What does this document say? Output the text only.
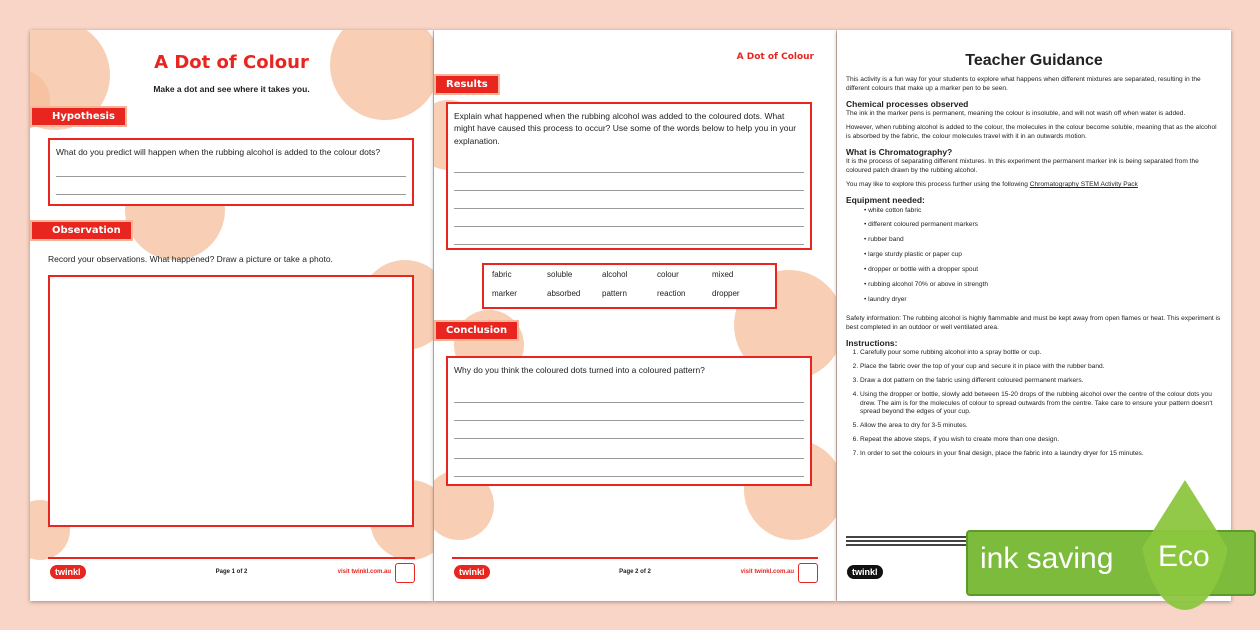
A Dot of Colour
Make a dot and see where it takes you.
Hypothesis

What do you predict will happen when the rubbing alcohol is added to the colour dots?

Observation
Record your observations. What happened? Draw a picture or take a photo.
twinkl	Page 1 of 2	visit twinkl.com.au
A Dot of Colour
Results

Explain what happened when the rubbing alcohol was added to the coloured dots. What might have caused this process to occur? Use some of the words below to help you in your explanation.

fabric	soluble	alcohol	colour	mixed
marker	absorbed	pattern	reaction	dropper
Conclusion

Why do you think the coloured dots turned into a coloured pattern?

twinkl	Page 2 of 2	visit twinkl.com.au
Teacher Guidance

This activity is a fun way for your students to explore what happens when different mixtures are separated, resulting in the different colours that make up a marker pen to be seen.

Chemical processes observed

The ink in the marker pens is permanent, meaning the colour is insoluble, and will not wash off when water is added.

However, when rubbing alcohol is added to the colour, the molecules in the colour become soluble, meaning that as the alcohol is absorbed by the fabric, the colour molecules travel with it in an outwards motion.

What is Chromatography?

It is the process of separating different mixtures. In this experiment the permanent marker ink is being separated from the coloured patch drawn by the rubbing alcohol.

You may like to explore this process further using the following Chromatography STEM Activity Pack

Equipment needed:
• white cotton fabric
• different coloured permanent markers
• rubber band
• large sturdy plastic or paper cup
• dropper or bottle with a dropper spout
• rubbing alcohol 70% or above in strength
• laundry dryer

Safety information: The rubbing alcohol is highly flammable and must be kept away from open flames or heat. This experiment is best completed in an outdoor or well ventilated area.

Instructions:
1. Carefully pour some rubbing alcohol into a spray bottle or cup.
2. Place the fabric over the top of your cup and secure it in place with the rubber band.
3. Draw a dot pattern on the fabric using different coloured permanent markers.
4. Using the dropper or bottle, slowly add between 15-20 drops of the rubbing alcohol over the centre of the colour dots you drew. The aim is for the molecules of colour to spread outwards from the centre. Take care to ensure your pattern doesn't spread beyond the edges of your cup.
5. Allow the area to dry for 3-5 minutes.
6. Repeat the above steps, if you wish to create more than one design.
7. In order to set the colours in your final design, place the fabric into a laundry dryer for 15 minutes.
twinkl	ink saving Eco
